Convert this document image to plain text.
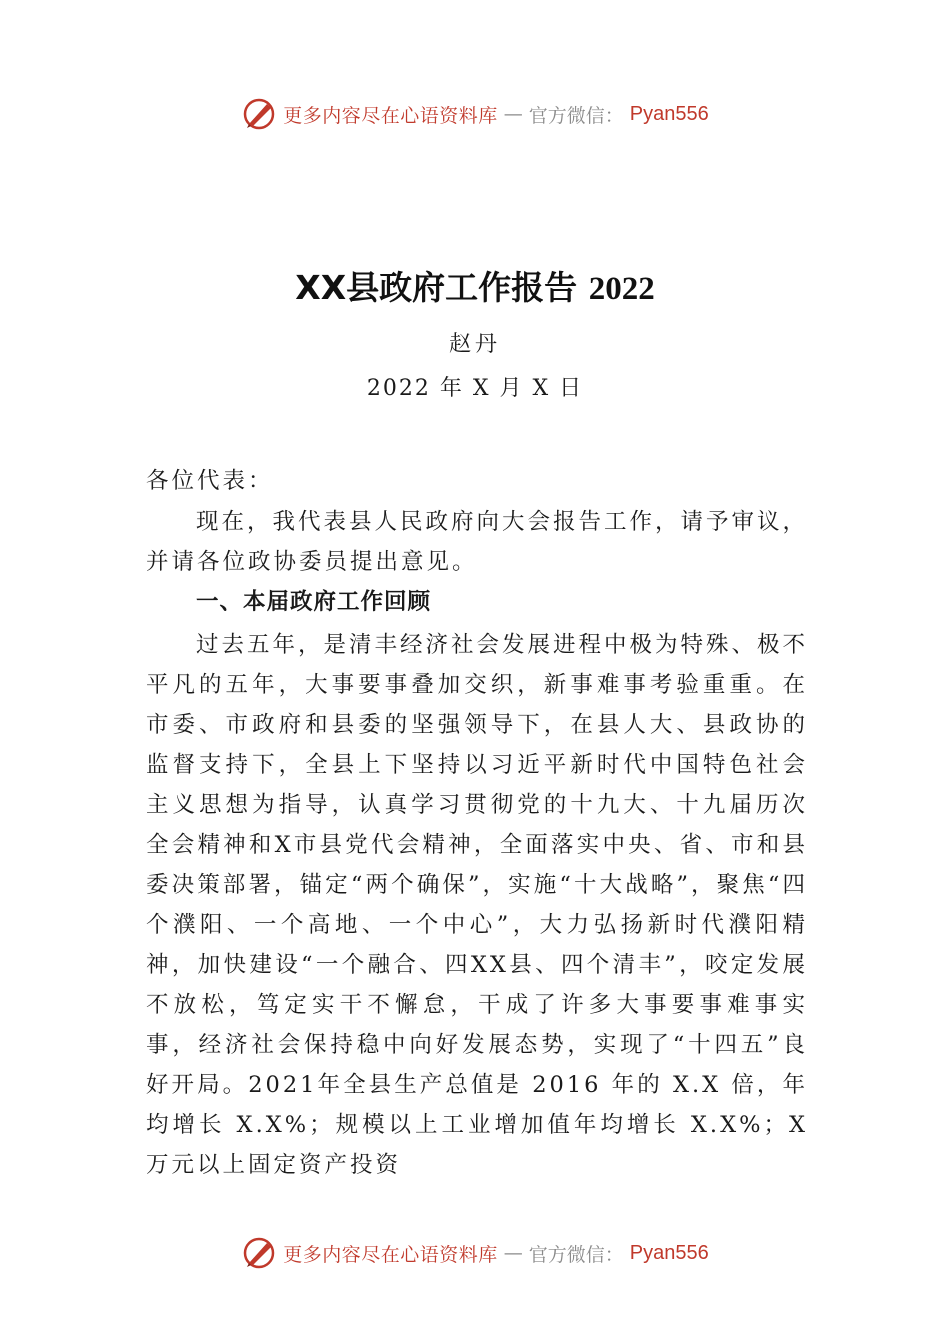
更多内容尽在心语资料库 — 官方微信： Pyan556
XX县政府工作报告 2022
赵丹
2022 年 X 月 X 日
各位代表：
现在，我代表县人民政府向大会报告工作，请予审议，并请各位政协委员提出意见。
一、本届政府工作回顾
过去五年，是清丰经济社会发展进程中极为特殊、极不平凡的五年，大事要事叠加交织，新事难事考验重重。在市委、市政府和县委的坚强领导下，在县人大、县政协的监督支持下，全县上下坚持以习近平新时代中国特色社会主义思想为指导，认真学习贯彻党的十九大、十九届历次全会精神和X市县党代会精神，全面落实中央、省、市和县委决策部署，锚定“两个确保”，实施“十大战略”，聚焦“四个濮阳、一个高地、一个中心”，大力弘扬新时代濮阳精神，加快建设“一个融合、四XX县、四个清丰”，咬定发展不放松，笃定实干不懈怠，干成了许多大事要事难事实事，经济社会保持稳中向好发展态势，实现了“十四五”良好开局。2021年全县生产总值是 2016 年的 X.X 倍，年均增长 X.X%；规模以上工业增加值年均增长 X.X%；X 万元以上固定资产投资
更多内容尽在心语资料库 — 官方微信： Pyan556
